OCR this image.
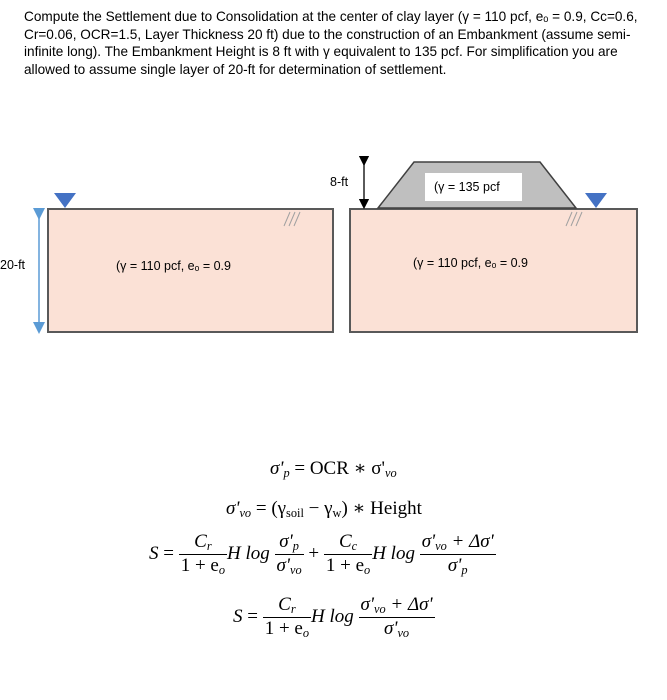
Compute the Settlement due to Consolidation at the center of clay layer (γ = 110 pcf, eₒ = 0.9, Cc=0.6, Cr=0.06, OCR=1.5, Layer Thickness 20 ft) due to the construction of an Embankment (assume semi-infinite long). The Embankment Height is 8 ft with γ equivalent to 135 pcf. For simplification you are allowed to assume single layer of 20-ft for determination of settlement.

20-ft	(γ = 110 pcf, eₒ = 0.9
8-ft	(γ = 135 pcf
(γ = 110 pcf, eₒ = 0.9
$\sigma'_p$ = OCR ∗ $\sigma'_{vo}$
$\sigma'_{vo} = (\gamma_{soil} - \gamma_w)$ ∗ Height
$S = \frac{C_r}{1 + e_o}$ H $\log \frac{\sigma'_p}{\sigma'_{vo}} + \frac{C_c}{1 + e_o}$ H $\log \frac{\sigma'_{vo} + \Delta\sigma'}{\sigma'_p}$
$S = \frac{C_r}{1 + e_o}$ H $\log \frac{\sigma'_{vo} + \Delta\sigma'}{\sigma'_{vo}}$
